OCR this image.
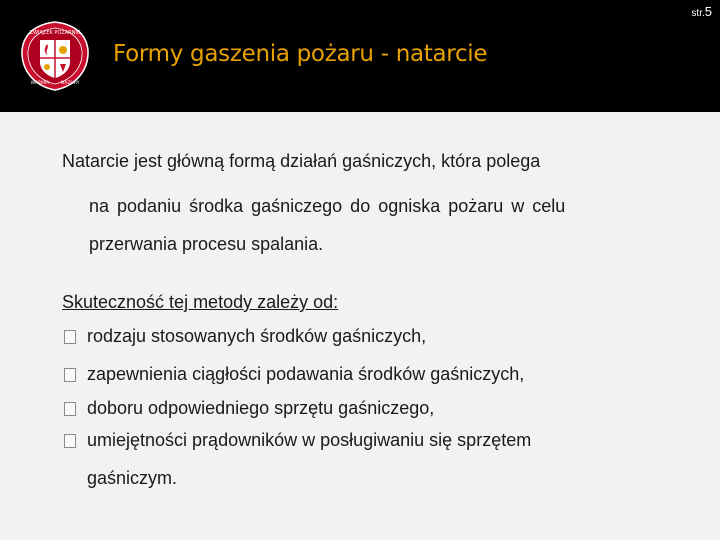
str.5
ZWIĄZEK POŻARNIC
WARMIA MAZURY
Formy gaszenia pożaru - natarcie
Natarcie jest główną formą działań gaśniczych, która polega
na podaniu środka gaśniczego do ogniska pożaru w celu
przerwania procesu spalania.
Skuteczność tej metody zależy od:
rodzaju stosowanych środków gaśniczych,
zapewnienia ciągłości podawania środków gaśniczych,
doboru odpowiedniego sprzętu gaśniczego,
umiejętności prądowników w posługiwaniu się sprzętem
gaśniczym.
